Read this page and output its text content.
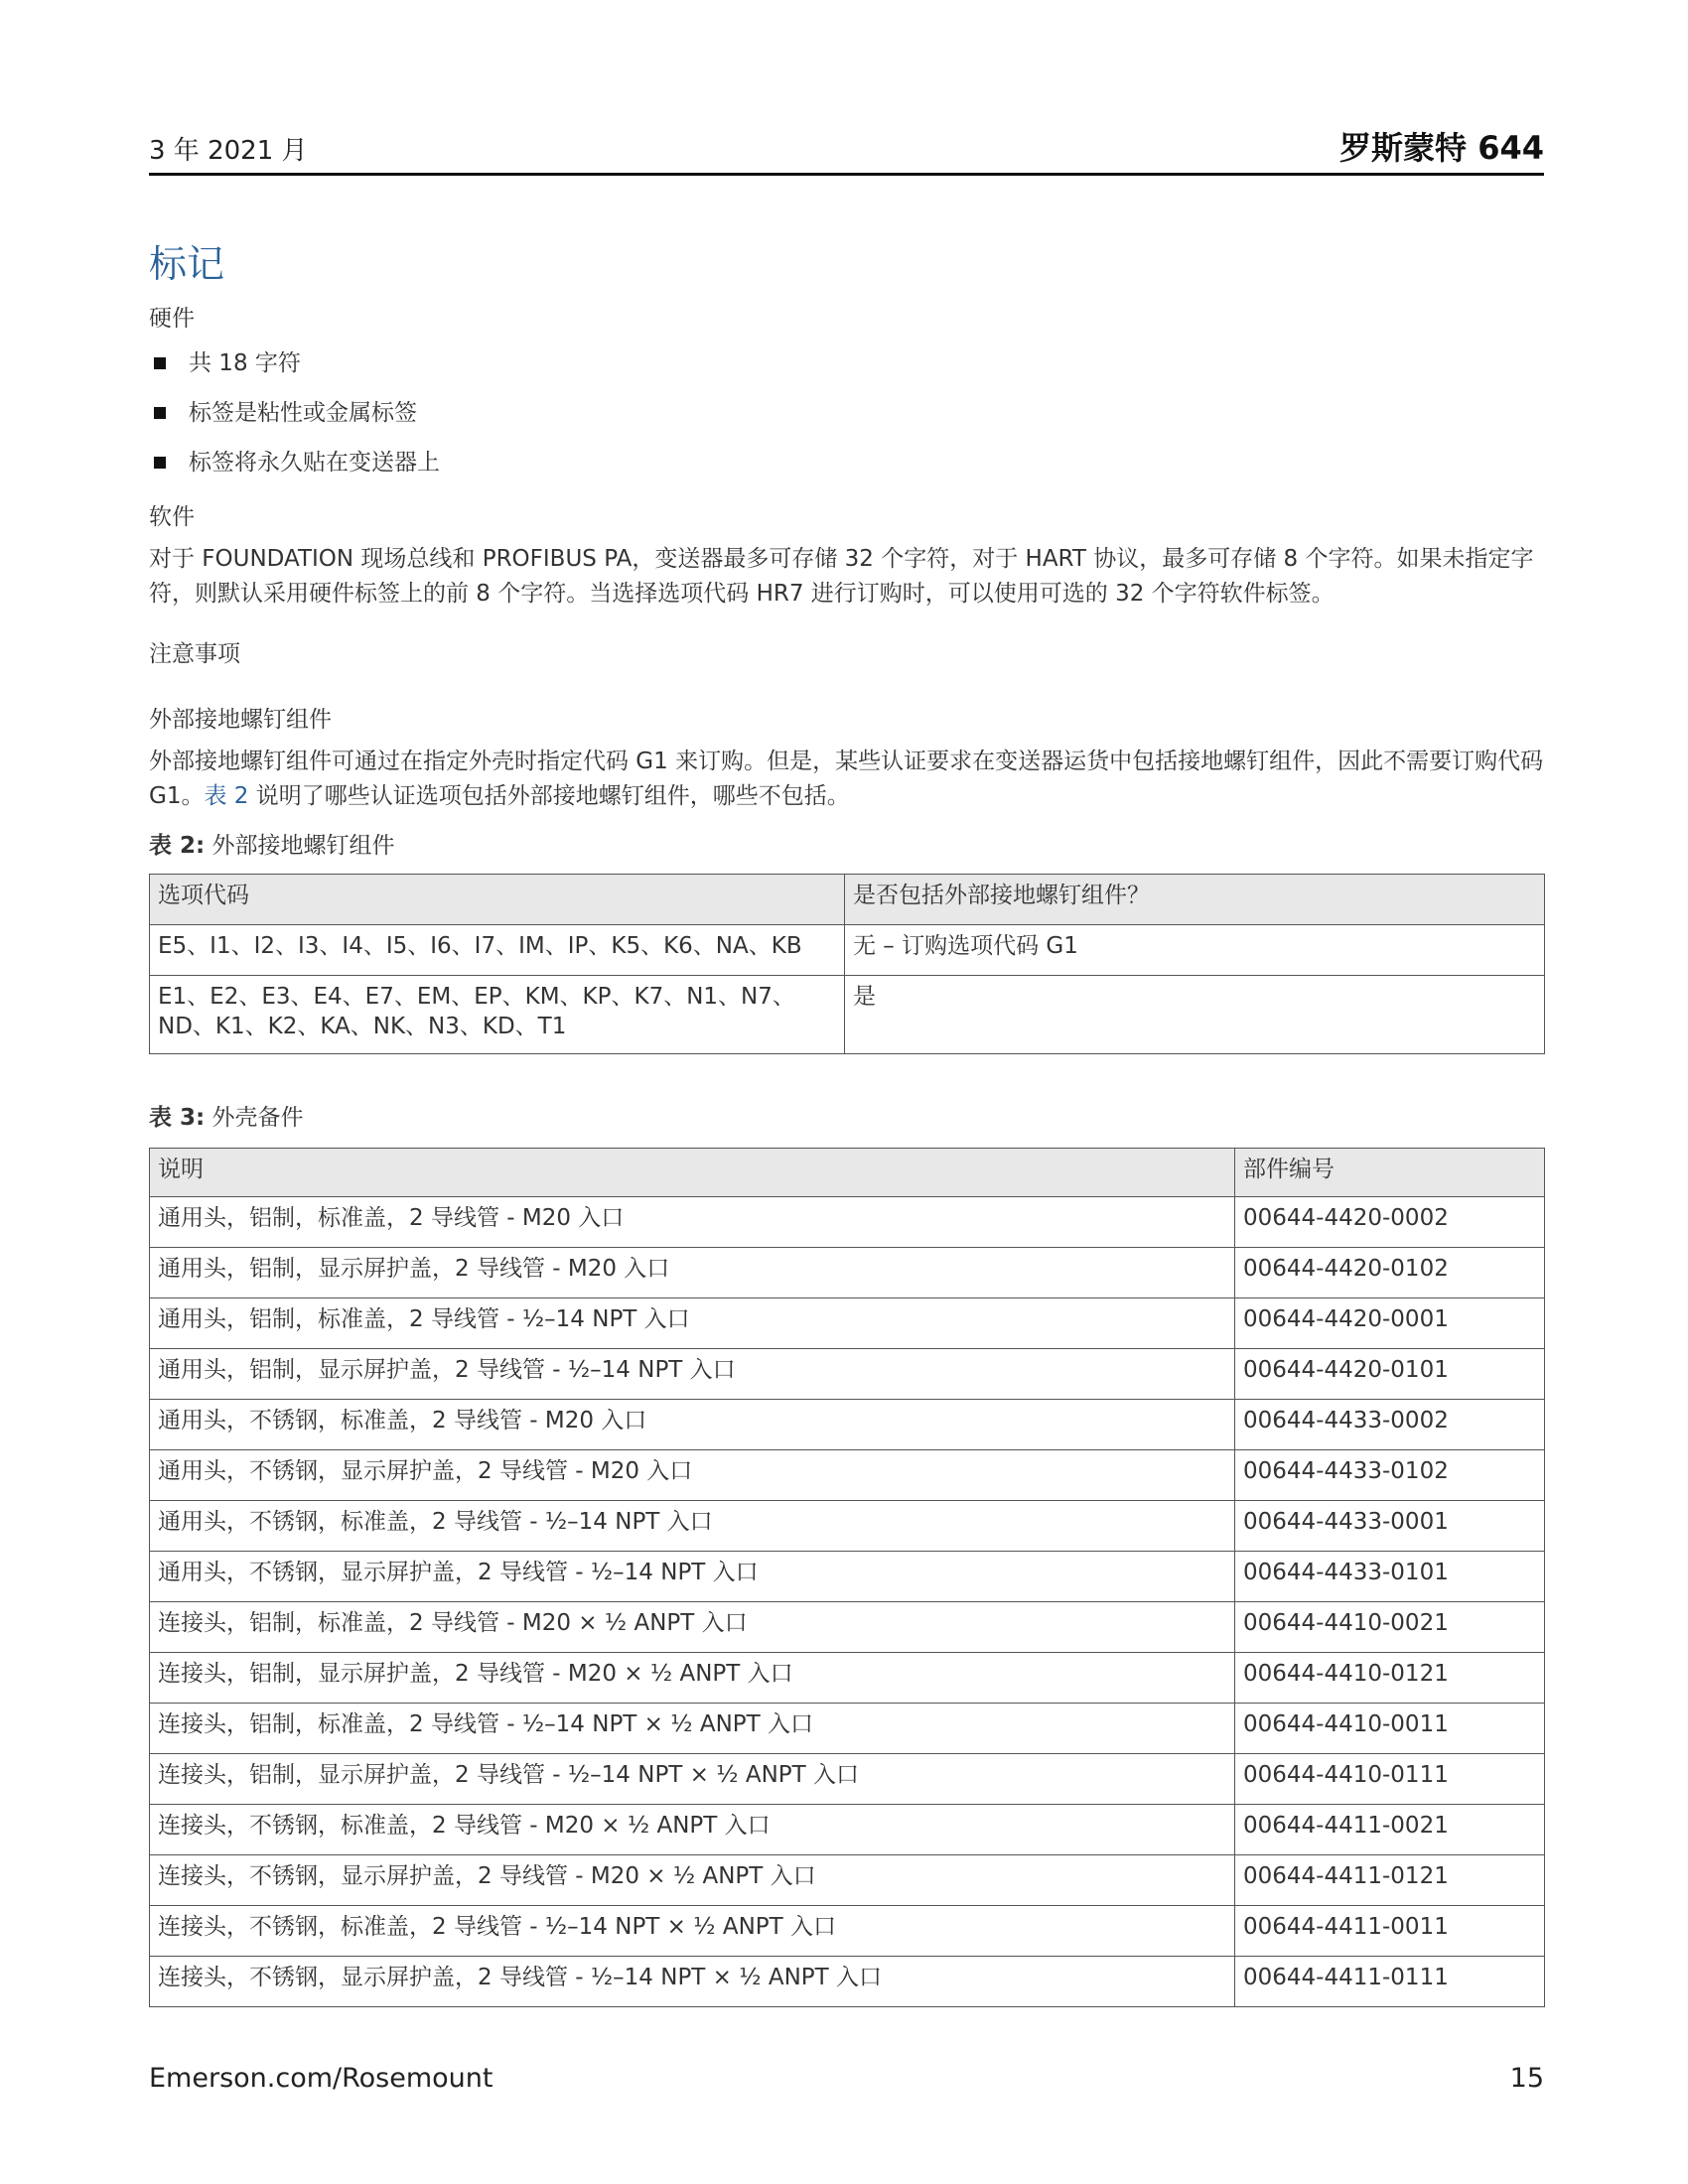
3 年 2021 月	罗斯蒙特 644
标记
硬件
共 18 字符
标签是粘性或金属标签
标签将永久贴在变送器上
软件
对于 FOUNDATION 现场总线和 PROFIBUS PA，变送器最多可存储 32 个字符，对于 HART 协议，最多可存储 8 个字符。如果未指定字符，则默认采用硬件标签上的前 8 个字符。当选择选项代码 HR7 进行订购时，可以使用可选的 32 个字符软件标签。
注意事项
外部接地螺钉组件
外部接地螺钉组件可通过在指定外壳时指定代码 G1 来订购。但是，某些认证要求在变送器运货中包括接地螺钉组件，因此不需要订购代码 G1。表 2 说明了哪些认证选项包括外部接地螺钉组件，哪些不包括。
表 2: 外部接地螺钉组件
选项代码	是否包括外部接地螺钉组件？
E5、I1、I2、I3、I4、I5、I6、I7、IM、IP、K5、K6、NA、KB	无 – 订购选项代码 G1
E1、E2、E3、E4、E7、EM、EP、KM、KP、K7、N1、N7、ND、K1、K2、KA、NK、N3、KD、T1	是
表 3: 外壳备件
说明	部件编号
通用头，铝制，标准盖，2 导线管 - M20 入口	00644-4420-0002
通用头，铝制，显示屏护盖，2 导线管 - M20 入口	00644-4420-0102
通用头，铝制，标准盖，2 导线管 - ½–14 NPT 入口	00644-4420-0001
通用头，铝制，显示屏护盖，2 导线管 - ½–14 NPT 入口	00644-4420-0101
通用头，不锈钢，标准盖，2 导线管 - M20 入口	00644-4433-0002
通用头，不锈钢，显示屏护盖，2 导线管 - M20 入口	00644-4433-0102
通用头，不锈钢，标准盖，2 导线管 - ½–14 NPT 入口	00644-4433-0001
通用头，不锈钢，显示屏护盖，2 导线管 - ½–14 NPT 入口	00644-4433-0101
连接头，铝制，标准盖，2 导线管 - M20 × ½ ANPT 入口	00644-4410-0021
连接头，铝制，显示屏护盖，2 导线管 - M20 × ½ ANPT 入口	00644-4410-0121
连接头，铝制，标准盖，2 导线管 - ½–14 NPT × ½ ANPT 入口	00644-4410-0011
连接头，铝制，显示屏护盖，2 导线管 - ½–14 NPT × ½ ANPT 入口	00644-4410-0111
连接头，不锈钢，标准盖，2 导线管 - M20 × ½ ANPT 入口	00644-4411-0021
连接头，不锈钢，显示屏护盖，2 导线管 - M20 × ½ ANPT 入口	00644-4411-0121
连接头，不锈钢，标准盖，2 导线管 - ½–14 NPT × ½ ANPT 入口	00644-4411-0011
连接头，不锈钢，显示屏护盖，2 导线管 - ½–14 NPT × ½ ANPT 入口	00644-4411-0111
Emerson.com/Rosemount	15
